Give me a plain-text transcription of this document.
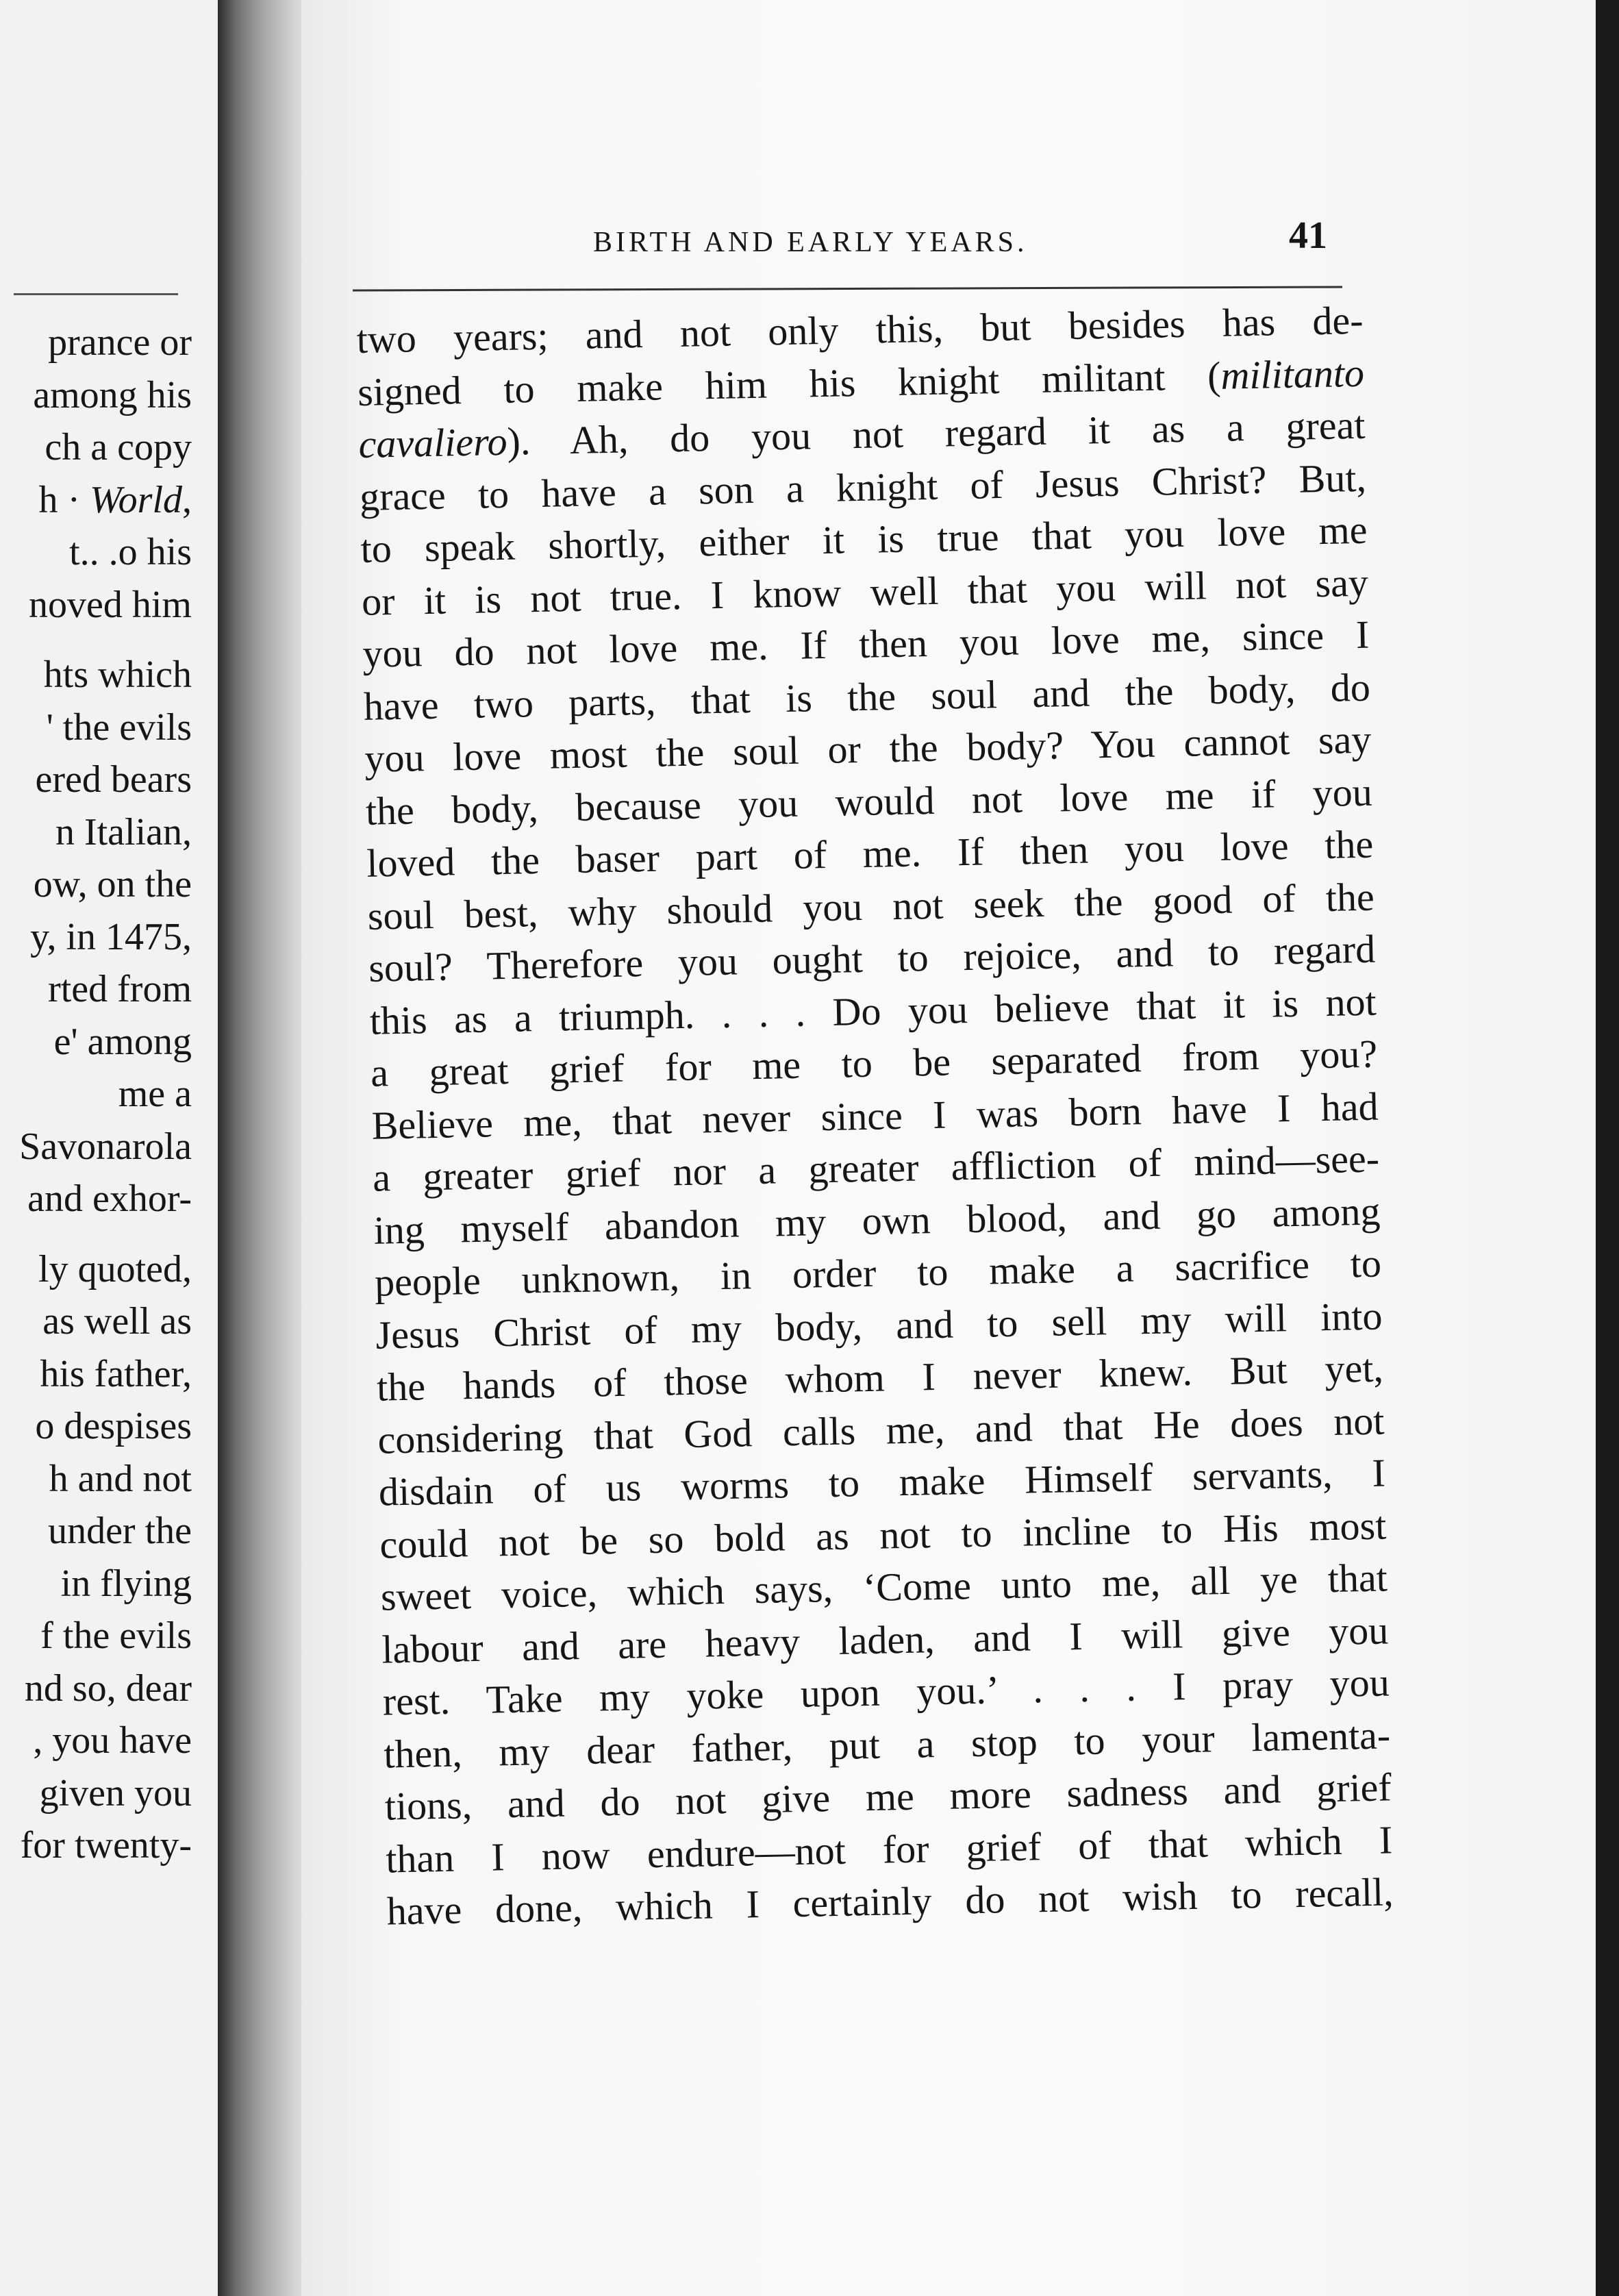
prance or
among his
ch a copy
h · World,
t.. .o his
noved him
hts which
' the evils
ered bears
n Italian,
ow, on the
y, in 1475,
rted from
e' among
me a
Savonarola
and exhor-
ly quoted,
as well as
his father,
o despises
h and not
under the
in flying
f the evils
nd so, dear
, you have
given you
for twenty-
BIRTH AND EARLY YEARS.	41
two years; and not only this, but besides has de-
signed to make him his knight militant (militanto
cavaliero). Ah, do you not regard it as a great
grace to have a son a knight of Jesus Christ? But,
to speak shortly, either it is true that you love me
or it is not true. I know well that you will not say
you do not love me. If then you love me, since I
have two parts, that is the soul and the body, do
you love most the soul or the body? You cannot say
the body, because you would not love me if you
loved the baser part of me. If then you love the
soul best, why should you not seek the good of the
soul? Therefore you ought to rejoice, and to regard
this as a triumph. . . . Do you believe that it is not
a great grief for me to be separated from you?
Believe me, that never since I was born have I had
a greater grief nor a greater affliction of mind—see-
ing myself abandon my own blood, and go among
people unknown, in order to make a sacrifice to
Jesus Christ of my body, and to sell my will into
the hands of those whom I never knew. But yet,
considering that God calls me, and that He does not
disdain of us worms to make Himself servants, I
could not be so bold as not to incline to His most
sweet voice, which says, ‘Come unto me, all ye that
labour and are heavy laden, and I will give you
rest. Take my yoke upon you.’ . . . I pray you
then, my dear father, put a stop to your lamenta-
tions, and do not give me more sadness and grief
than I now endure—not for grief of that which I
have done, which I certainly do not wish to recall,
